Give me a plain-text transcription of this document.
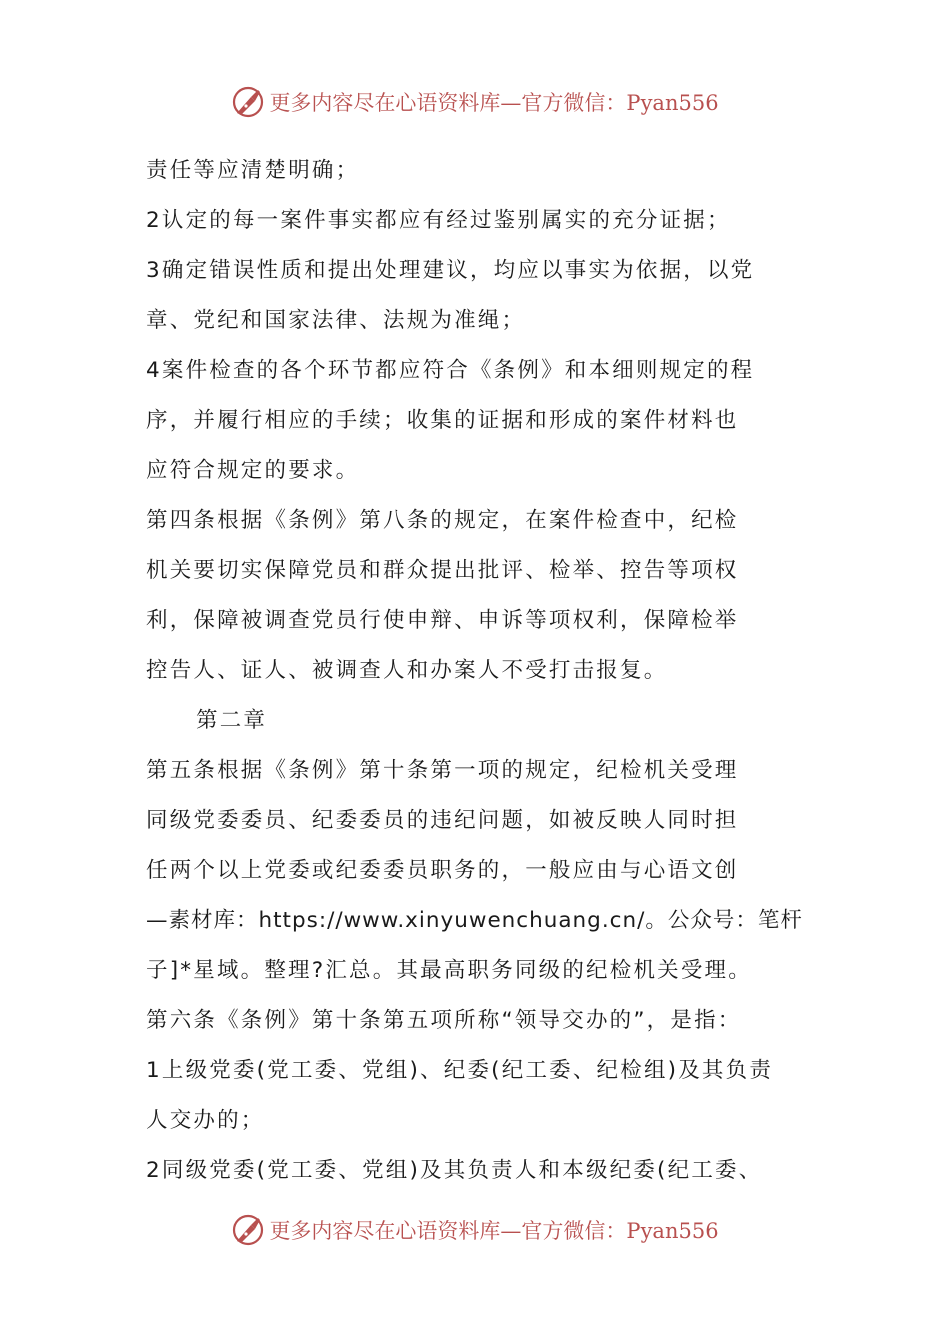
更多内容尽在心语资料库—官方微信：Pyan556

责任等应清楚明确；

2认定的每一案件事实都应有经过鉴别属实的充分证据；

3确定错误性质和提出处理建议，均应以事实为依据，以党

章、党纪和国家法律、法规为准绳；

4案件检查的各个环节都应符合《条例》和本细则规定的程

序，并履行相应的手续；收集的证据和形成的案件材料也

应符合规定的要求。

第四条根据《条例》第八条的规定，在案件检查中，纪检

机关要切实保障党员和群众提出批评、检举、控告等项权

利，保障被调查党员行使申辩、申诉等项权利，保障检举

控告人、证人、被调查人和办案人不受打击报复。

第二章

第五条根据《条例》第十条第一项的规定，纪检机关受理

同级党委委员、纪委委员的违纪问题，如被反映人同时担

任两个以上党委或纪委委员职务的，一般应由与心语文创

—素材库：https://www.xinyuwenchuang.cn/。公众号：笔杆

子]*星域。整理?汇总。其最高职务同级的纪检机关受理。

第六条《条例》第十条第五项所称“领导交办的”，是指：

1上级党委(党工委、党组)、纪委(纪工委、纪检组)及其负责

人交办的；

2同级党委(党工委、党组)及其负责人和本级纪委(纪工委、

更多内容尽在心语资料库—官方微信：Pyan556
